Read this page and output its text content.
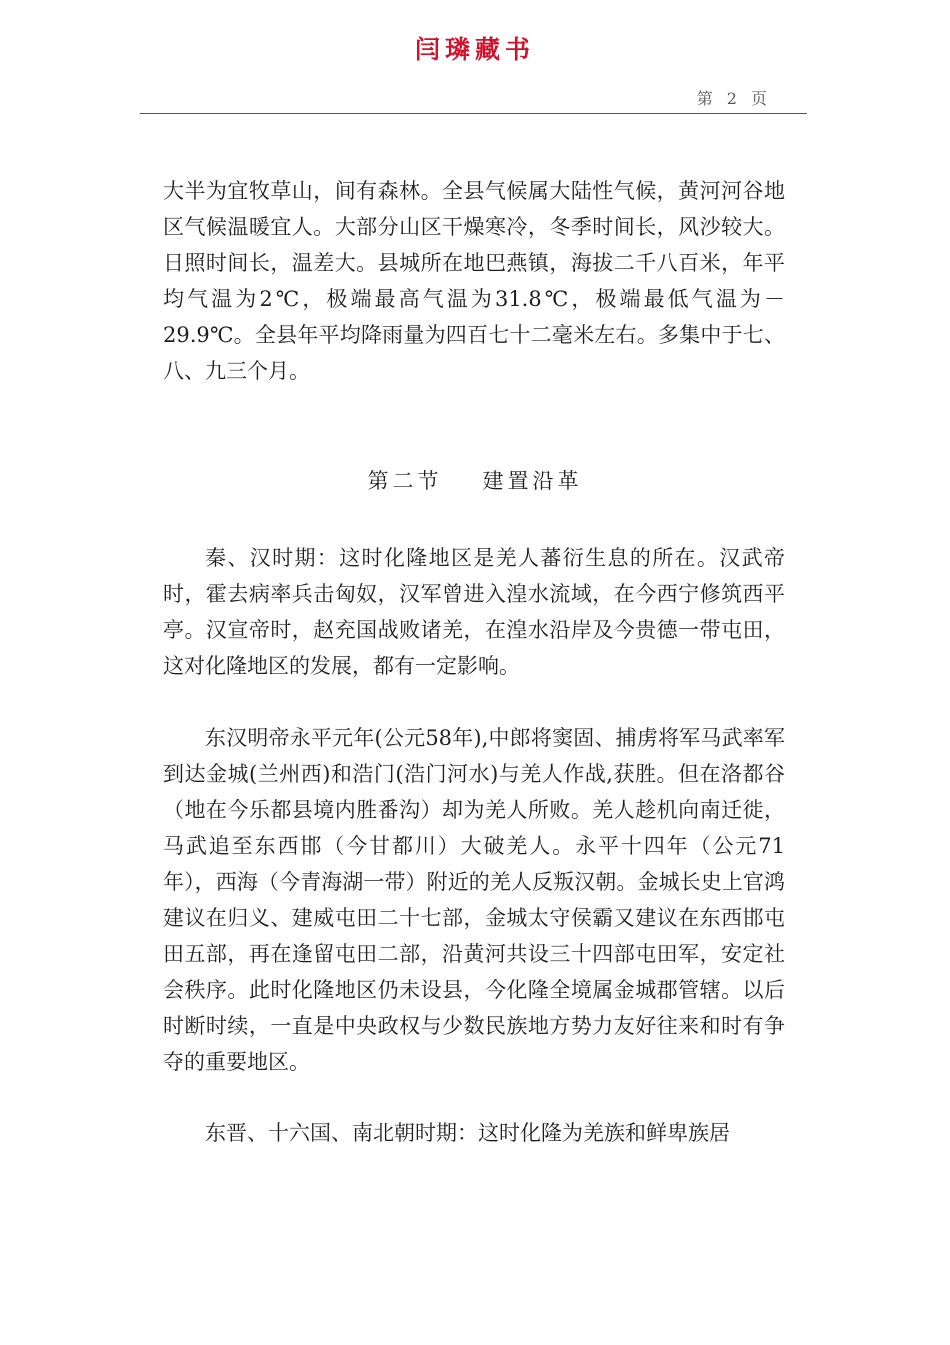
闫璘藏书
第 2 页

大半为宜牧草山，间有森林。全县气候属大陆性气候，黄河河谷地区气候温暖宜人。大部分山区干燥寒冷，冬季时间长，风沙较大。日照时间长，温差大。县城所在地巴燕镇，海拔二千八百米，年平均气温为2℃，极端最高气温为31.8℃，极端最低气温为－29.9℃。全县年平均降雨量为四百七十二毫米左右。多集中于七、八、九三个月。

第二节 建置沿革

秦、汉时期：这时化隆地区是羌人蕃衍生息的所在。汉武帝时，霍去病率兵击匈奴，汉军曾进入湟水流域，在今西宁修筑西平亭。汉宣帝时，赵充国战败诸羌，在湟水沿岸及今贵德一带屯田，这对化隆地区的发展，都有一定影响。

东汉明帝永平元年(公元58年),中郎将窦固、捕虏将军马武率军到达金城(兰州西)和浩门(浩门河水)与羌人作战,获胜。但在洛都谷（地在今乐都县境内胜番沟）却为羌人所败。羌人趁机向南迁徙，马武追至东西邯（今甘都川）大破羌人。永平十四年（公元71年），西海（今青海湖一带）附近的羌人反叛汉朝。金城长史上官鸿建议在归义、建威屯田二十七部，金城太守侯霸又建议在东西邯屯田五部，再在逢留屯田二部，沿黄河共设三十四部屯田军，安定社会秩序。此时化隆地区仍未设县，今化隆全境属金城郡管辖。以后时断时续，一直是中央政权与少数民族地方势力友好往来和时有争夺的重要地区。

东晋、十六国、南北朝时期：这时化隆为羌族和鲜卑族居
